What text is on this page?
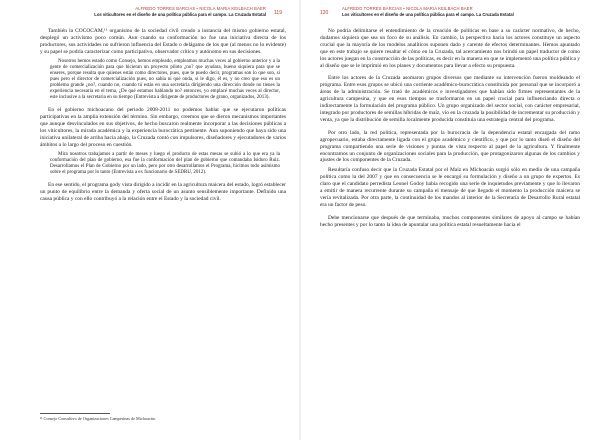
ALFREDO TORRES BARCIAS ▪ NICOLA MARIA KEILBACH BAER
Los viticultores en el diseño de una política pública para el campo. La Cruzada Estatal 119

También la COCOCAM,¹¹ organismo de la sociedad civil creado a instancia del mismo gobierno estatal, desplegó un activismo poco común. Aun cuando su conformación no fue una iniciativa directa de los productores, sus actividades no sufrieron influencia del Estado o delágamo de los que (al menos no lo evidente) y su papel se podría caracterizar como participativo, observador crítico y autónomo en sus decisiones.

Nosotros hemos estado como Consejo, hemos empleado, empleamos muchas veces al gobierno anterior y a la gente de comercialización para que hicieran un proyecto piloto ¿no? que ayudara, bueno siquiera para que se enseres, porque resulta que quienes están como directores, pues, que te puedo decir, programas son lo que son, si pues pero el director de comercialización pues, no sabía ni qué onda, si le digo, él es, y no creo que eso es un problema grande ¿no?, cuando no, cuando tú estás en una secretaría dirigiendo una dirección donde no tienes la experiencia necesaria en el tema, ¿De qué estamos hablando no? entonces, yo emplacé muchas veces al director, este inclusive a la secretaria en su tiempo (Entrevista a dirigente de productores de grano, organizados, 2013).

En el gobierno michoacano del periodo 2008-2011 no podemos hablar que se ejecutaron políticas participativas en la amplia extensión del término. Sin embargo, creemos que se dieron mecanismos importantes que aunque desvinculados en sus objetivos, de hecho buscaron realmente incorporar a las decisiones públicas a los viticultores, la mirada académica y la experiencia burocrática pertinente. Aun suponiendo que haya sido una iniciativa unilateral de arriba hacia abajo, la Cruzada contó con impulsores, diseñadores y ejecutadores de varios ámbitos a lo largo del proceso en cuestión.

Mira nosotros trabajamos a partir de meses y luego el producto de estas mesas se subió a lo que era ya la conformación del plan de gobierno, esa fue la conformación del plan de gobierno que comandaba Isidoro Ruiz. Desarrollamos el Plan de Gobierno por un lado, pero por otro desarrollamos el Programa, hicimos todo asimismo sobre el programa por lo tanto (Entrevista a ex funcionario de SEDRU, 2012).

En ese sentido, el programa gody vista dirigido a incidir en la agricultura maicera del estado, logró establecer un punto de equilibrio entre la demanda y oferta social de un asunto sensiblemente importante. Definido una causa pública y con ello contribuyó a la relación entre el Estado y la sociedad civil.

¹¹ Consejo Consultivo de Organizaciones Campesinas de Michoacán.
120
ALFREDO TORRES BARCIAS ▪ NICOLA MARIA KEILBACH BAER
Los viticultores en el diseño de una política pública para el campo. La Cruzada Estatal

No podría delimitarse el entendimiento de la creación de políticas en base a su carácter normativo, de hecho, dudamos siquiera que sea un foco de su análisis. En cambio, la perspectiva hacia los actores constituye un aspecto crucial que la mayoría de los modelos analíticos suponen dado y carente de efectos determinantes. Hemos apuntado que en este trabajo se quiere resaltar el cómo en la Cruzada, tal acercamiento nos brindó un papel traductor de como los actores juegan en la construcción de las políticas, es decir en la manera en que se implementó una política pública y al diseño que se le imprimió en los planes y documentos para llevar a efecto su propuesta.

Entre los actores de la Cruzada asomaron grupos diversos que mediante su intervención fueron moldeando el programa. Entre esos grupos se ubicó una corriente académico-burocrática constituida por personal que se incorporó a áreas de la administración. Se trató de académicos e investigadores que habían sido firmes representantes de la agricultura campesina, y que en esos tiempos se trasformaron en un papel crucial para influenciando directa o indirectamente la formulación del programa público. Un grupo organizado del sector social, con carácter empresarial, integrado por productores de semillas híbridas de maíz, vio en la cruzada la posibilidad de incrementar su producción y venta, ya que la distribución de semilla localmente producida constituía una estrategia central del programa.

Por otro lado, la red política, representada por la burocracia de la dependencia estatal encargada del ramo agropecuario, estaba directamente ligada con el grupo académico y científico, y que por lo tanto diseñ el diseño del programa compartiendo una serie de visiones y puntas de vista respecto al papel de la agricultura. Y finalmente encontramos un conjunto de organizaciones sociales para la producción, que protagonizaron algunas de los cambios y ajustes de los componentes de la Cruzada.

Resultaría confuso decir que la Cruzada Estatal por el Maíz en Michoacán surgió sólo en medio de una campaña política como la del 2007 y que en consecuencia se le encargó su formulación y diseño a un grupo de expertos. Es claro que el candidato perredista Leonel Godoy había recogido una serie de inquietudes previamente y que lo llevaron a emitir de manera recurrente durante su campaña el mensaje de que llegado el momento la producción maicera se vería revitalizada. Por otra parte, la continuidad de los mandos al interior de la Secretaría de Desarrollo Rural estatal era un factor de peso.

Debe mencionarse que después de que terminaba, muchos componentes similares de apoyo al campo se habían hecho presentes y por lo tanto la idea de apuntalar una política estatal resueltamente hacia el
